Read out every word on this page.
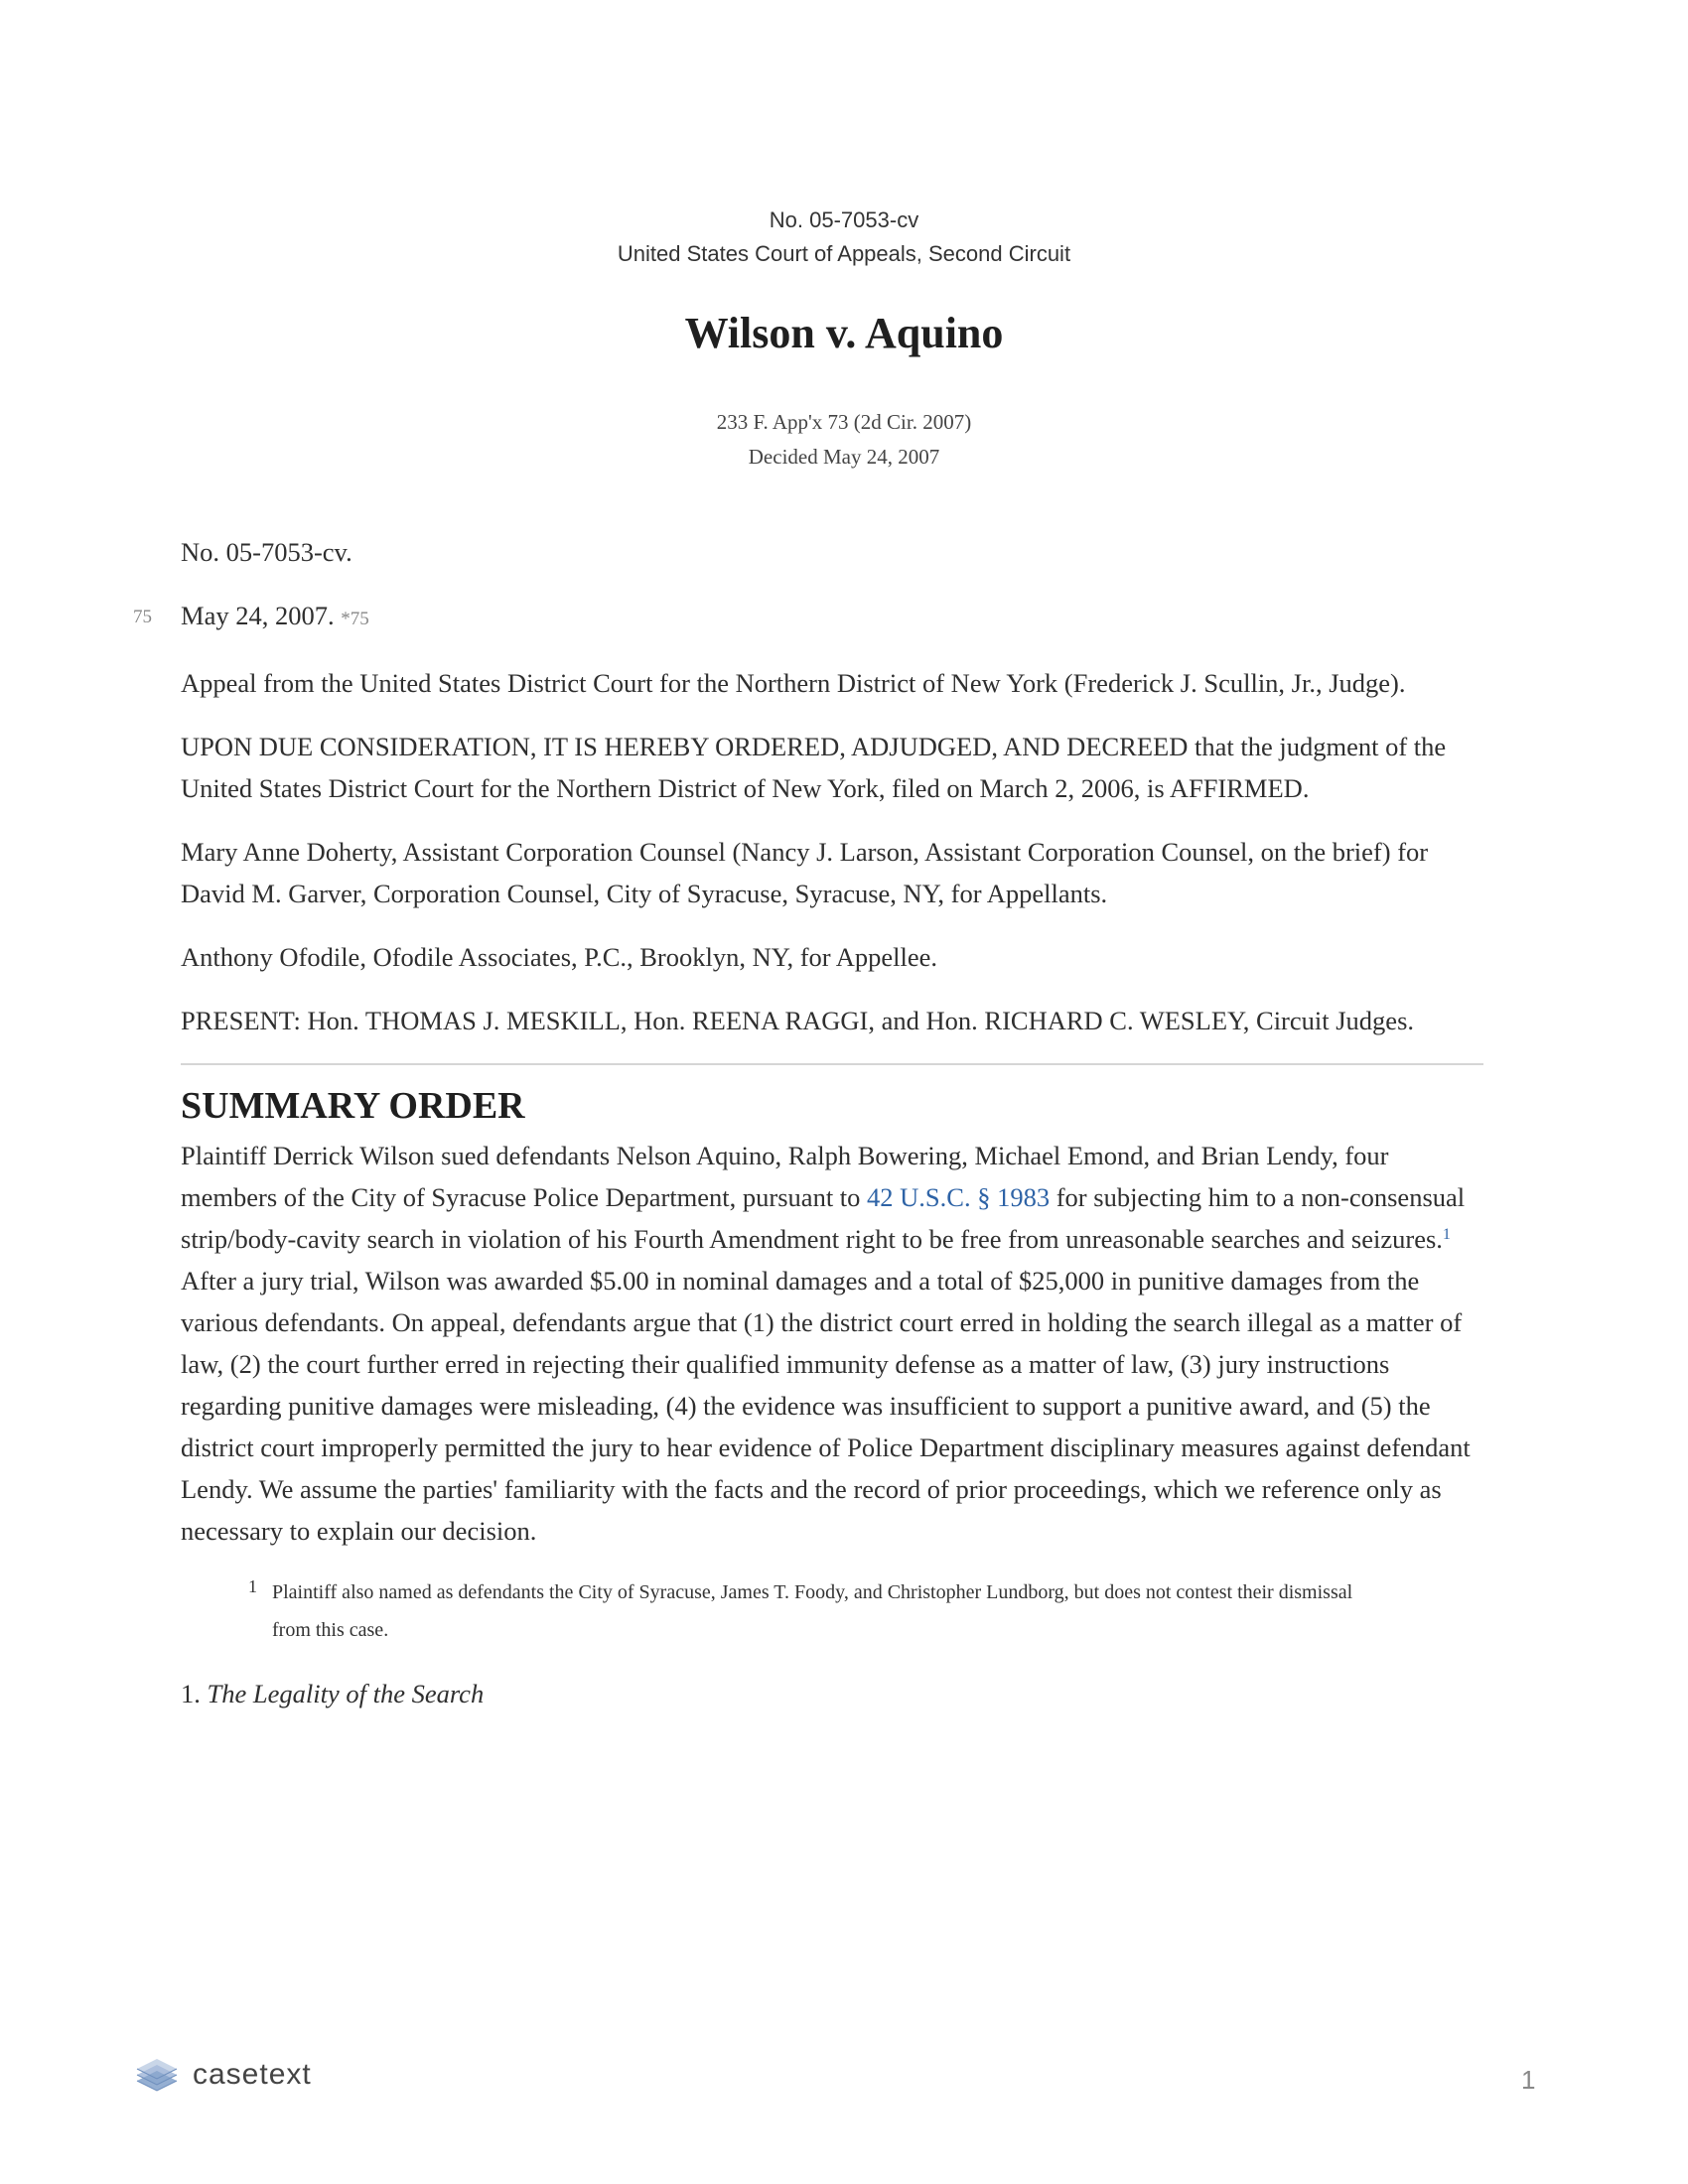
No. 05-7053-cv
United States Court of Appeals, Second Circuit
Wilson v. Aquino
233 F. App'x 73 (2d Cir. 2007)
Decided May 24, 2007

No. 05-7053-cv.

75 May 24, 2007. *75

Appeal from the United States District Court for the Northern District of New York (Frederick J. Scullin, Jr., Judge).

UPON DUE CONSIDERATION, IT IS HEREBY ORDERED, ADJUDGED, AND DECREED that the judgment of the United States District Court for the Northern District of New York, filed on March 2, 2006, is AFFIRMED.

Mary Anne Doherty, Assistant Corporation Counsel (Nancy J. Larson, Assistant Corporation Counsel, on the brief) for David M. Garver, Corporation Counsel, City of Syracuse, Syracuse, NY, for Appellants.

Anthony Ofodile, Ofodile Associates, P.C., Brooklyn, NY, for Appellee.

PRESENT: Hon. THOMAS J. MESKILL, Hon. REENA RAGGI, and Hon. RICHARD C. WESLEY, Circuit Judges.

SUMMARY ORDER

Plaintiff Derrick Wilson sued defendants Nelson Aquino, Ralph Bowering, Michael Emond, and Brian Lendy, four members of the City of Syracuse Police Department, pursuant to 42 U.S.C. § 1983 for subjecting him to a non-consensual strip/body-cavity search in violation of his Fourth Amendment right to be free from unreasonable searches and seizures.$^1$ After a jury trial, Wilson was awarded $5.00 in nominal damages and a total of $25,000 in punitive damages from the various defendants. On appeal, defendants argue that (1) the district court erred in holding the search illegal as a matter of law, (2) the court further erred in rejecting their qualified immunity defense as a matter of law, (3) jury instructions regarding punitive damages were misleading, (4) the evidence was insufficient to support a punitive award, and (5) the district court improperly permitted the jury to hear evidence of Police Department disciplinary measures against defendant Lendy. We assume the parties' familiarity with the facts and the record of prior proceedings, which we reference only as necessary to explain our decision.

1 Plaintiff also named as defendants the City of Syracuse, James T. Foody, and Christopher Lundborg, but does not contest their dismissal from this case.

1. The Legality of the Search

casetext	1
